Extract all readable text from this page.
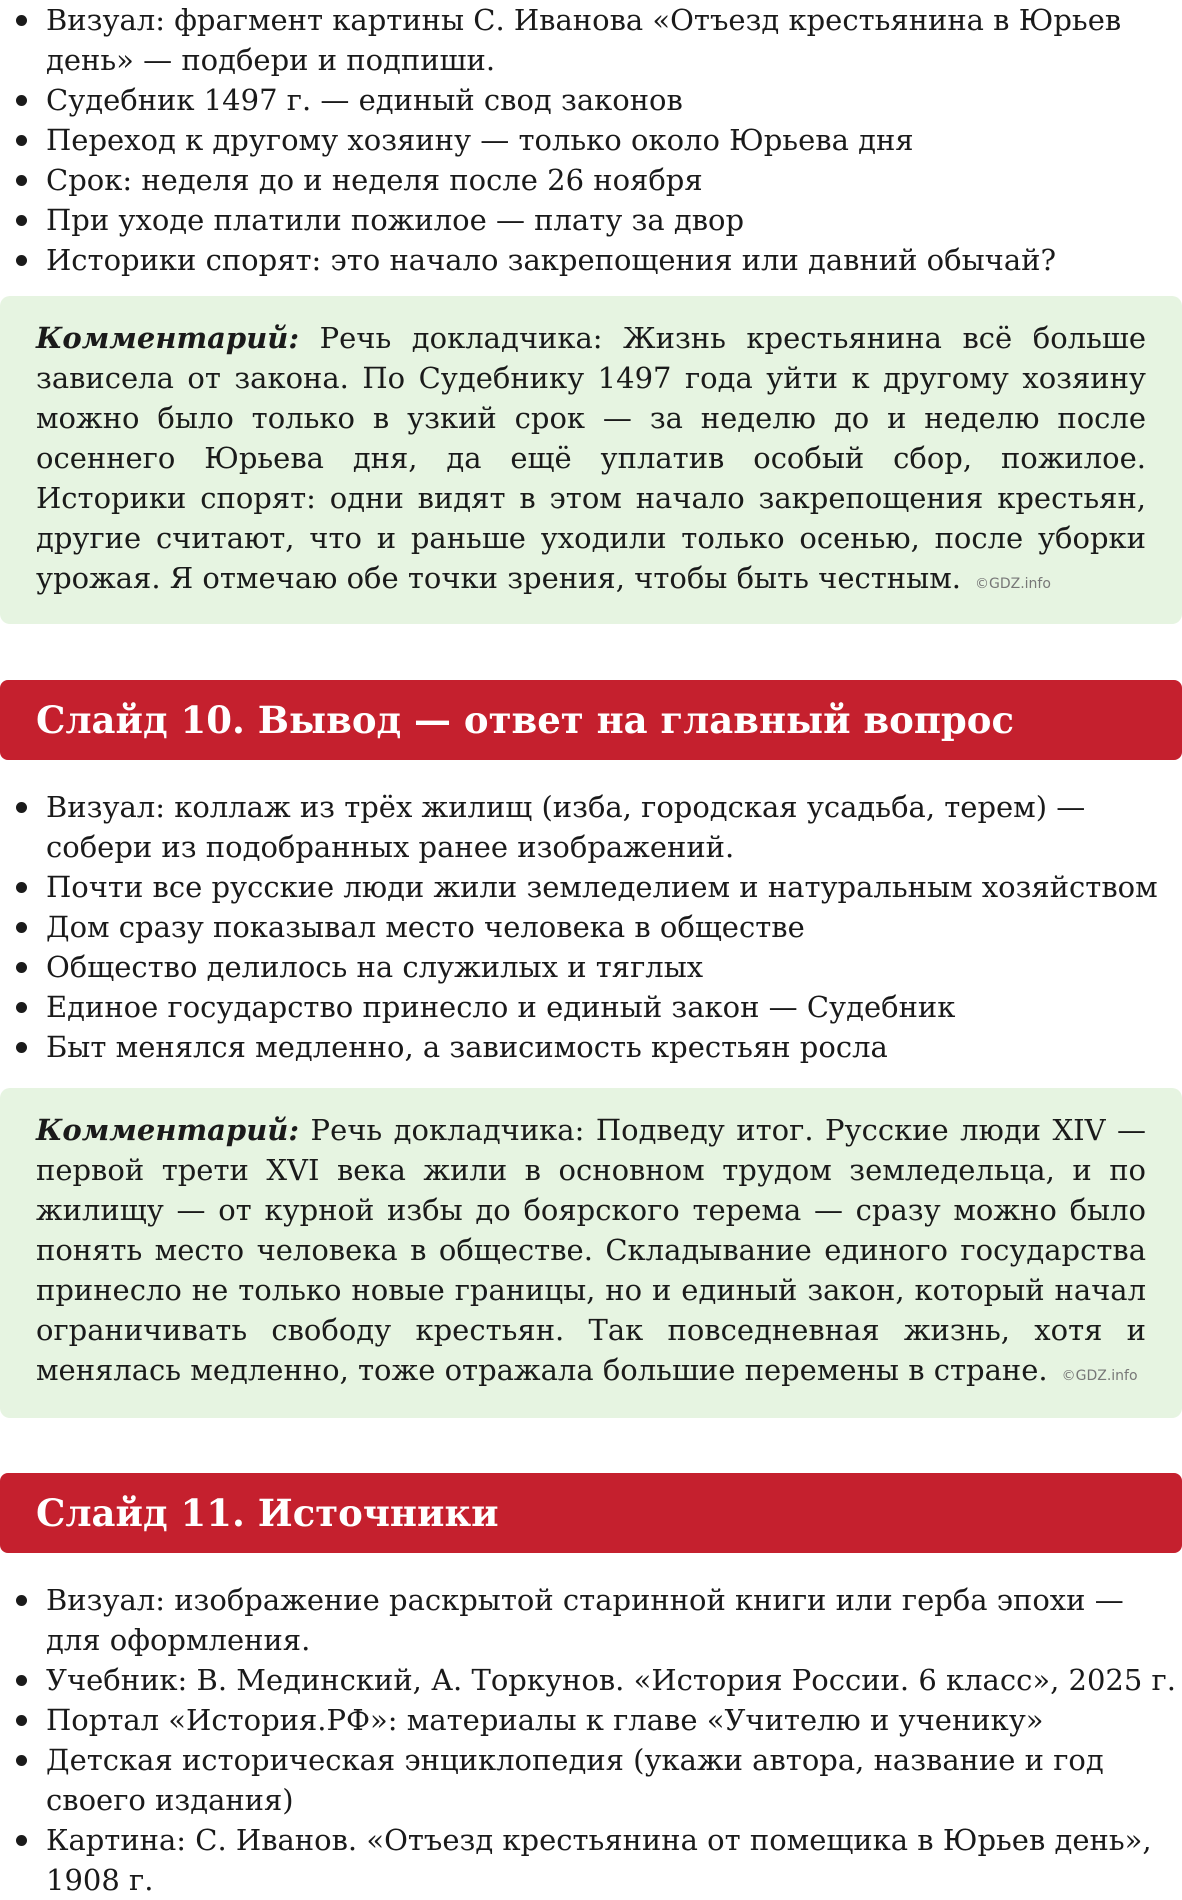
Визуал: фрагмент картины С. Иванова «Отъезд крестьянина в Юрьев день» — подбери и подпиши.
Судебник 1497 г. — единый свод законов
Переход к другому хозяину — только около Юрьева дня
Срок: неделя до и неделя после 26 ноября
При уходе платили пожилое — плату за двор
Историки спорят: это начало закрепощения или давний обычай?
Комментарий: Речь докладчика: Жизнь крестьянина всё больше зависела от закона. По Судебнику 1497 года уйти к другому хозяину можно было только в узкий срок — за неделю до и неделю после осеннего Юрьева дня, да ещё уплатив особый сбор, пожилое. Историки спорят: одни видят в этом начало закрепощения крестьян, другие считают, что и раньше уходили только осенью, после уборки урожая. Я отмечаю обе точки зрения, чтобы быть честным. ©GDZ.info
Слайд 10. Вывод — ответ на главный вопрос
Визуал: коллаж из трёх жилищ (изба, городская усадьба, терем) — собери из подобранных ранее изображений.
Почти все русские люди жили земледелием и натуральным хозяйством
Дом сразу показывал место человека в обществе
Общество делилось на служилых и тяглых
Единое государство принесло и единый закон — Судебник
Быт менялся медленно, а зависимость крестьян росла
Комментарий: Речь докладчика: Подведу итог. Русские люди XIV — первой трети XVI века жили в основном трудом земледельца, и по жилищу — от курной избы до боярского терема — сразу можно было понять место человека в обществе. Складывание единого государства принесло не только новые границы, но и единый закон, который начал ограничивать свободу крестьян. Так повседневная жизнь, хотя и менялась медленно, тоже отражала большие перемены в стране. ©GDZ.info
Слайд 11. Источники
Визуал: изображение раскрытой старинной книги или герба эпохи — для оформления.
Учебник: В. Мединский, А. Торкунов. «История России. 6 класс», 2025 г.
Портал «История.РФ»: материалы к главе «Учителю и ученику»
Детская историческая энциклопедия (укажи автора, название и год своего издания)
Картина: С. Иванов. «Отъезд крестьянина от помещика в Юрьев день», 1908 г.
